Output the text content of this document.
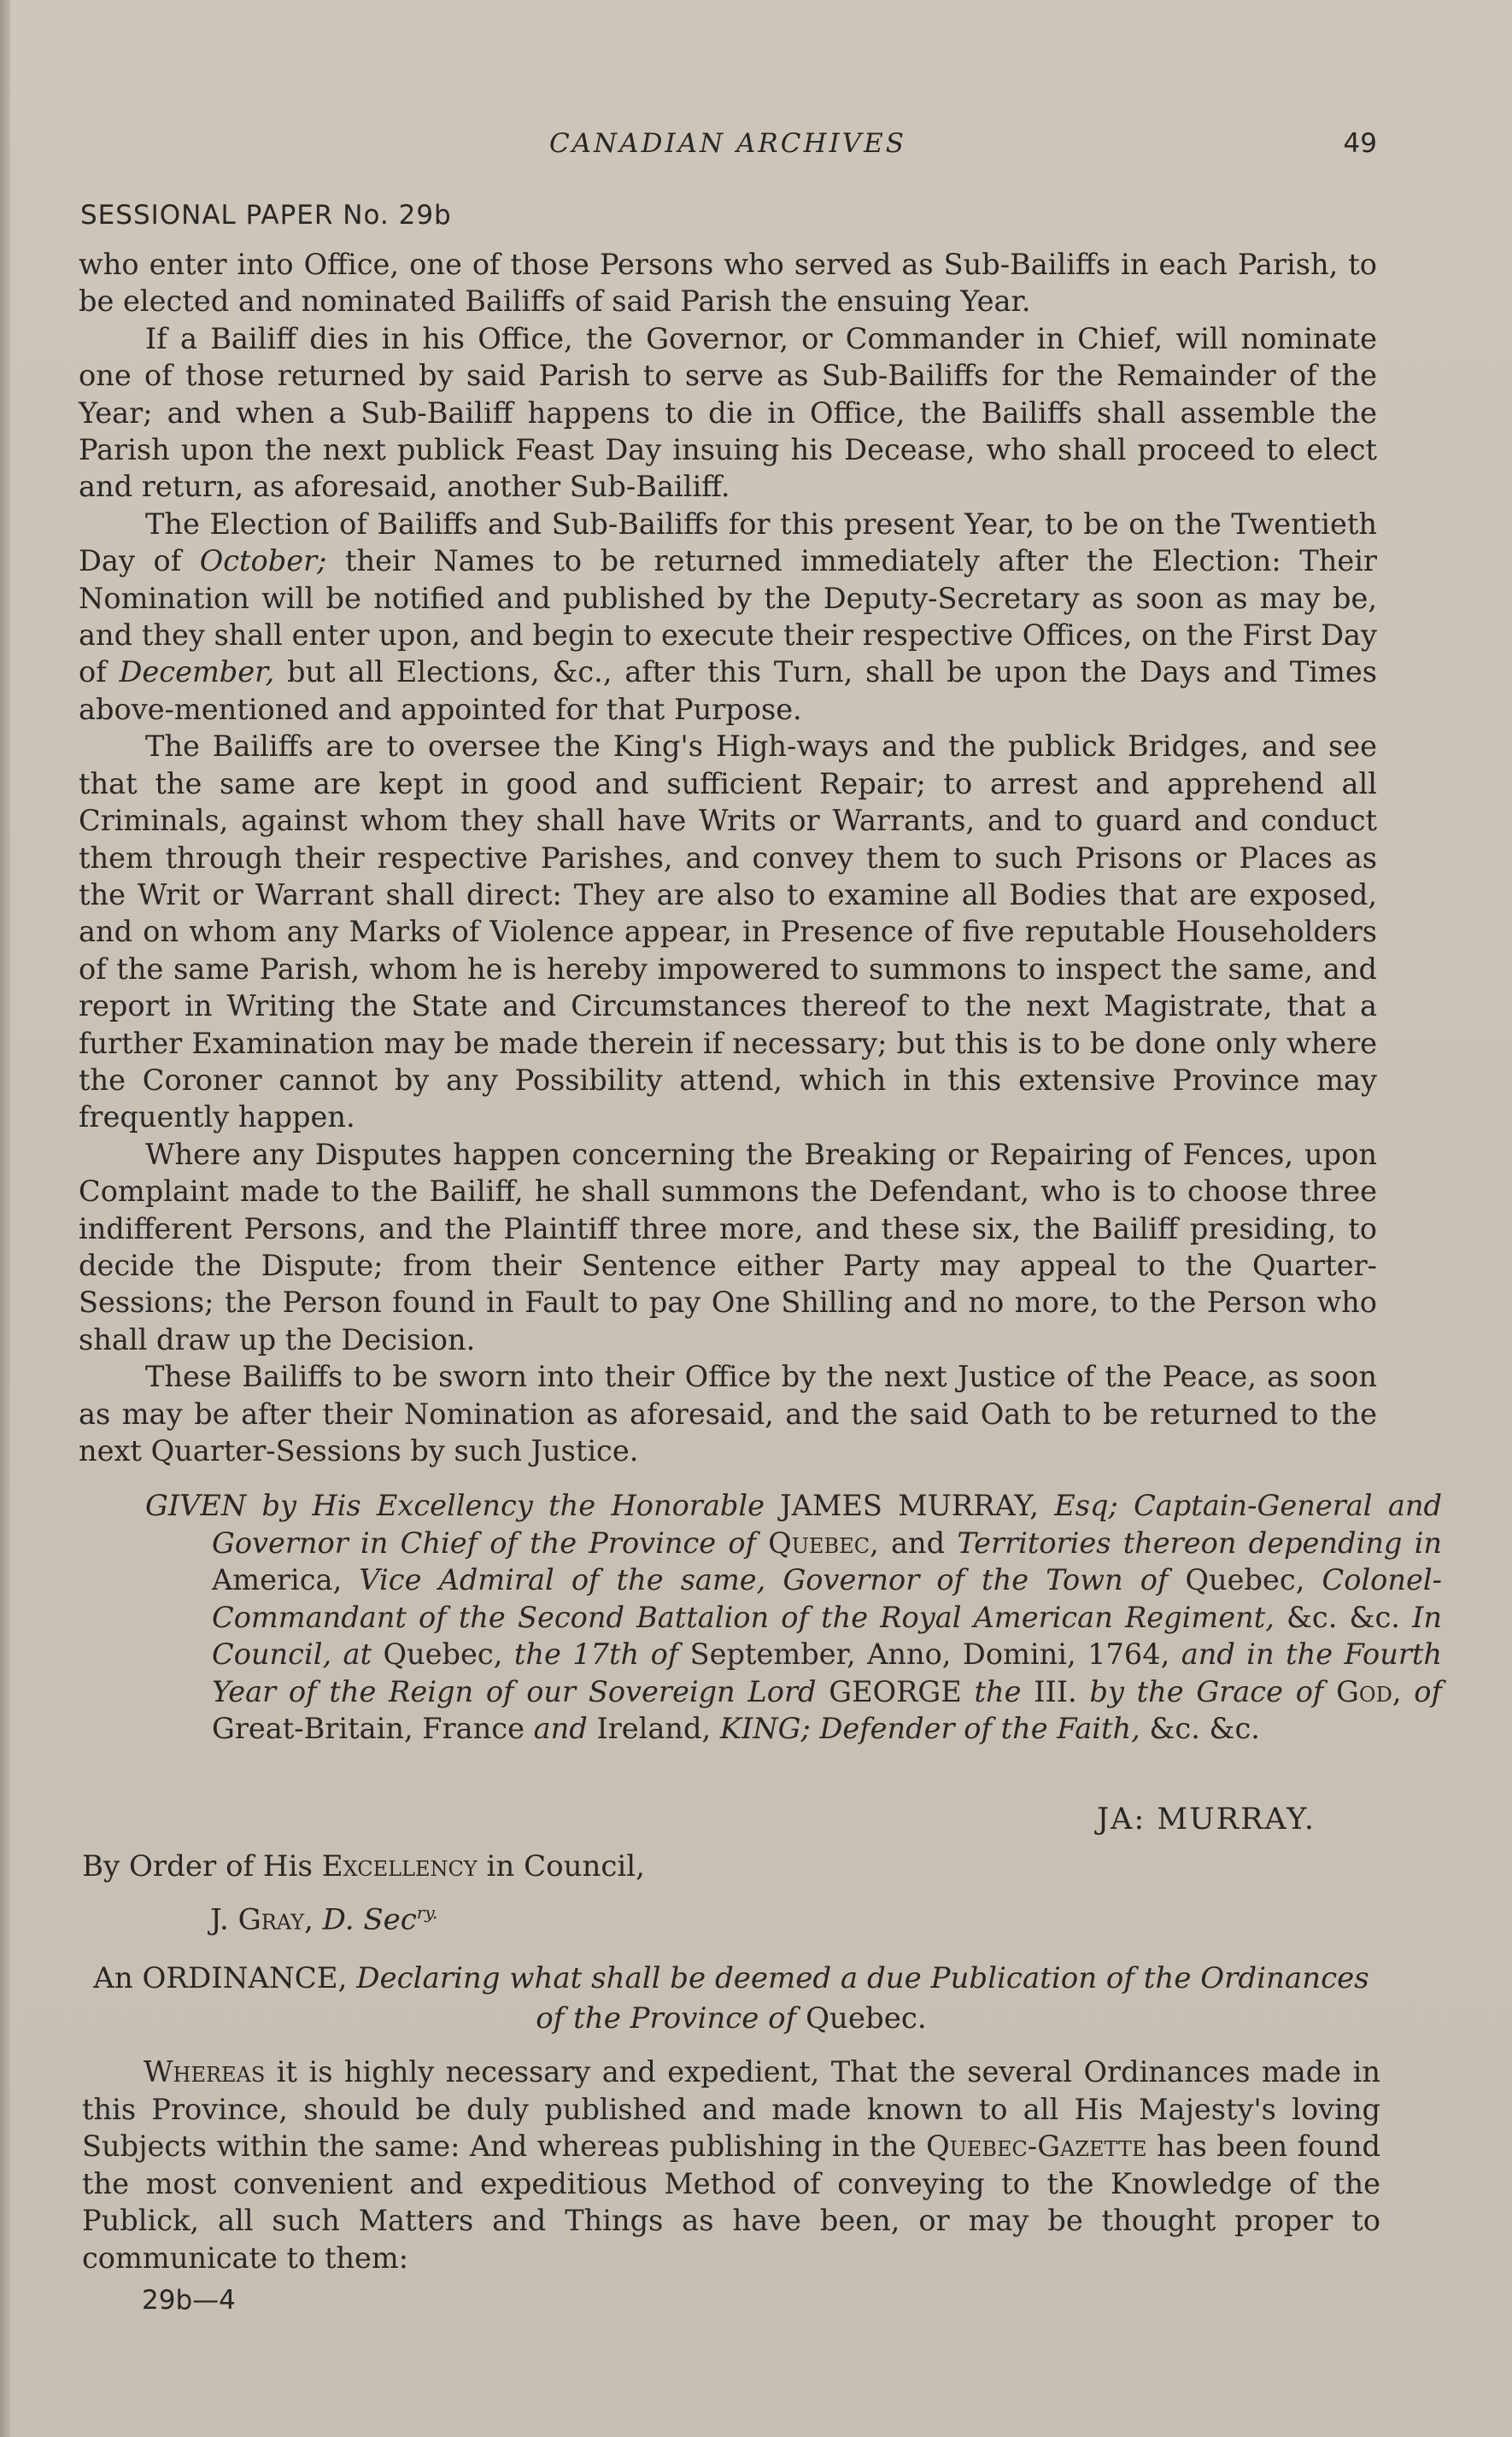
CANADIAN ARCHIVES	49
SESSIONAL PAPER No. 29b

who enter into Office, one of those Persons who served as Sub-Bailiffs in each Parish, to be elected and nominated Bailiffs of said Parish the ensuing Year.

If a Bailiff dies in his Office, the Governor, or Commander in Chief, will nominate one of those returned by said Parish to serve as Sub-Bailiffs for the Remainder of the Year; and when a Sub-Bailiff happens to die in Office, the Bailiffs shall assemble the Parish upon the next publick Feast Day insuing his Decease, who shall proceed to elect and return, as aforesaid, another Sub-Bailiff.

The Election of Bailiffs and Sub-Bailiffs for this present Year, to be on the Twentieth Day of October; their Names to be returned immediately after the Election: Their Nomination will be notified and published by the Deputy-Secretary as soon as may be, and they shall enter upon, and begin to execute their respective Offices, on the First Day of December, but all Elections, &c., after this Turn, shall be upon the Days and Times above-mentioned and appointed for that Purpose.

The Bailiffs are to oversee the King's High-ways and the publick Bridges, and see that the same are kept in good and sufficient Repair; to arrest and apprehend all Criminals, against whom they shall have Writs or Warrants, and to guard and conduct them through their respective Parishes, and convey them to such Prisons or Places as the Writ or Warrant shall direct: They are also to examine all Bodies that are exposed, and on whom any Marks of Violence appear, in Presence of five reputable Householders of the same Parish, whom he is hereby impowered to summons to inspect the same, and report in Writing the State and Circumstances thereof to the next Magistrate, that a further Examination may be made therein if necessary; but this is to be done only where the Coroner cannot by any Possibility attend, which in this extensive Province may frequently happen.

Where any Disputes happen concerning the Breaking or Repairing of Fences, upon Complaint made to the Bailiff, he shall summons the Defendant, who is to choose three indifferent Persons, and the Plaintiff three more, and these six, the Bailiff presiding, to decide the Dispute; from their Sentence either Party may appeal to the Quarter-Sessions; the Person found in Fault to pay One Shilling and no more, to the Person who shall draw up the Decision.

These Bailiffs to be sworn into their Office by the next Justice of the Peace, as soon as may be after their Nomination as aforesaid, and the said Oath to be returned to the next Quarter-Sessions by such Justice.

GIVEN by His Excellency the Honorable JAMES MURRAY, Esq; Captain-General and Governor in Chief of the Province of Quebec, and Territories thereon depending in America, Vice Admiral of the same, Governor of the Town of Quebec, Colonel-Commandant of the Second Battalion of the Royal American Regiment, &c. &c. In Council, at Quebec, the 17th of September, Anno, Domini, 1764, and in the Fourth Year of the Reign of our Sovereign Lord GEORGE the III. by the Grace of God, of Great-Britain, France and Ireland, KING; Defender of the Faith, &c. &c.
JA: MURRAY.
By Order of His Excellency in Council,
J. Gray, D. Sec$^{ry.}$
An ORDINANCE, Declaring what shall be deemed a due Publication of the Ordinances of the Province of Quebec.
Whereas it is highly necessary and expedient, That the several Ordinances made in this Province, should be duly published and made known to all His Majesty's loving Subjects within the same: And whereas publishing in the Quebec-Gazette has been found the most convenient and expeditious Method of conveying to the Knowledge of the Publick, all such Matters and Things as have been, or may be thought proper to communicate to them:
29b—4
